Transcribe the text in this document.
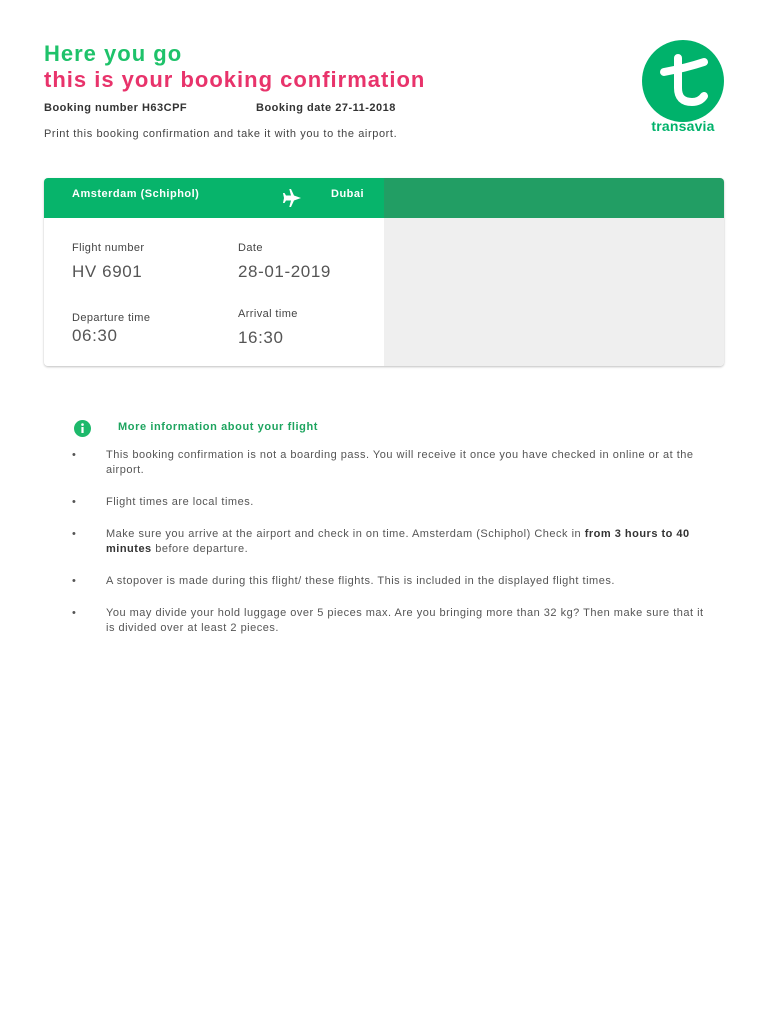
Here you go
this is your booking confirmation
Booking number H63CPF	Booking date 27-11-2018
Print this booking confirmation and take it with you to the airport.	transavia
Amsterdam (Schiphol)	Dubai
Flight number
HV 6901
Date
28-01-2019
Departure time
06:30
Arrival time
16:30
More information about your flight
•	This booking confirmation is not a boarding pass. You will receive it once you have checked in online or at the airport.
•	Flight times are local times.
•	Make sure you arrive at the airport and check in on time. Amsterdam (Schiphol) Check in from 3 hours to 40 minutes before departure.
•	A stopover is made during this flight/ these flights. This is included in the displayed flight times.
•	You may divide your hold luggage over 5 pieces max. Are you bringing more than 32 kg? Then make sure that it is divided over at least 2 pieces.
